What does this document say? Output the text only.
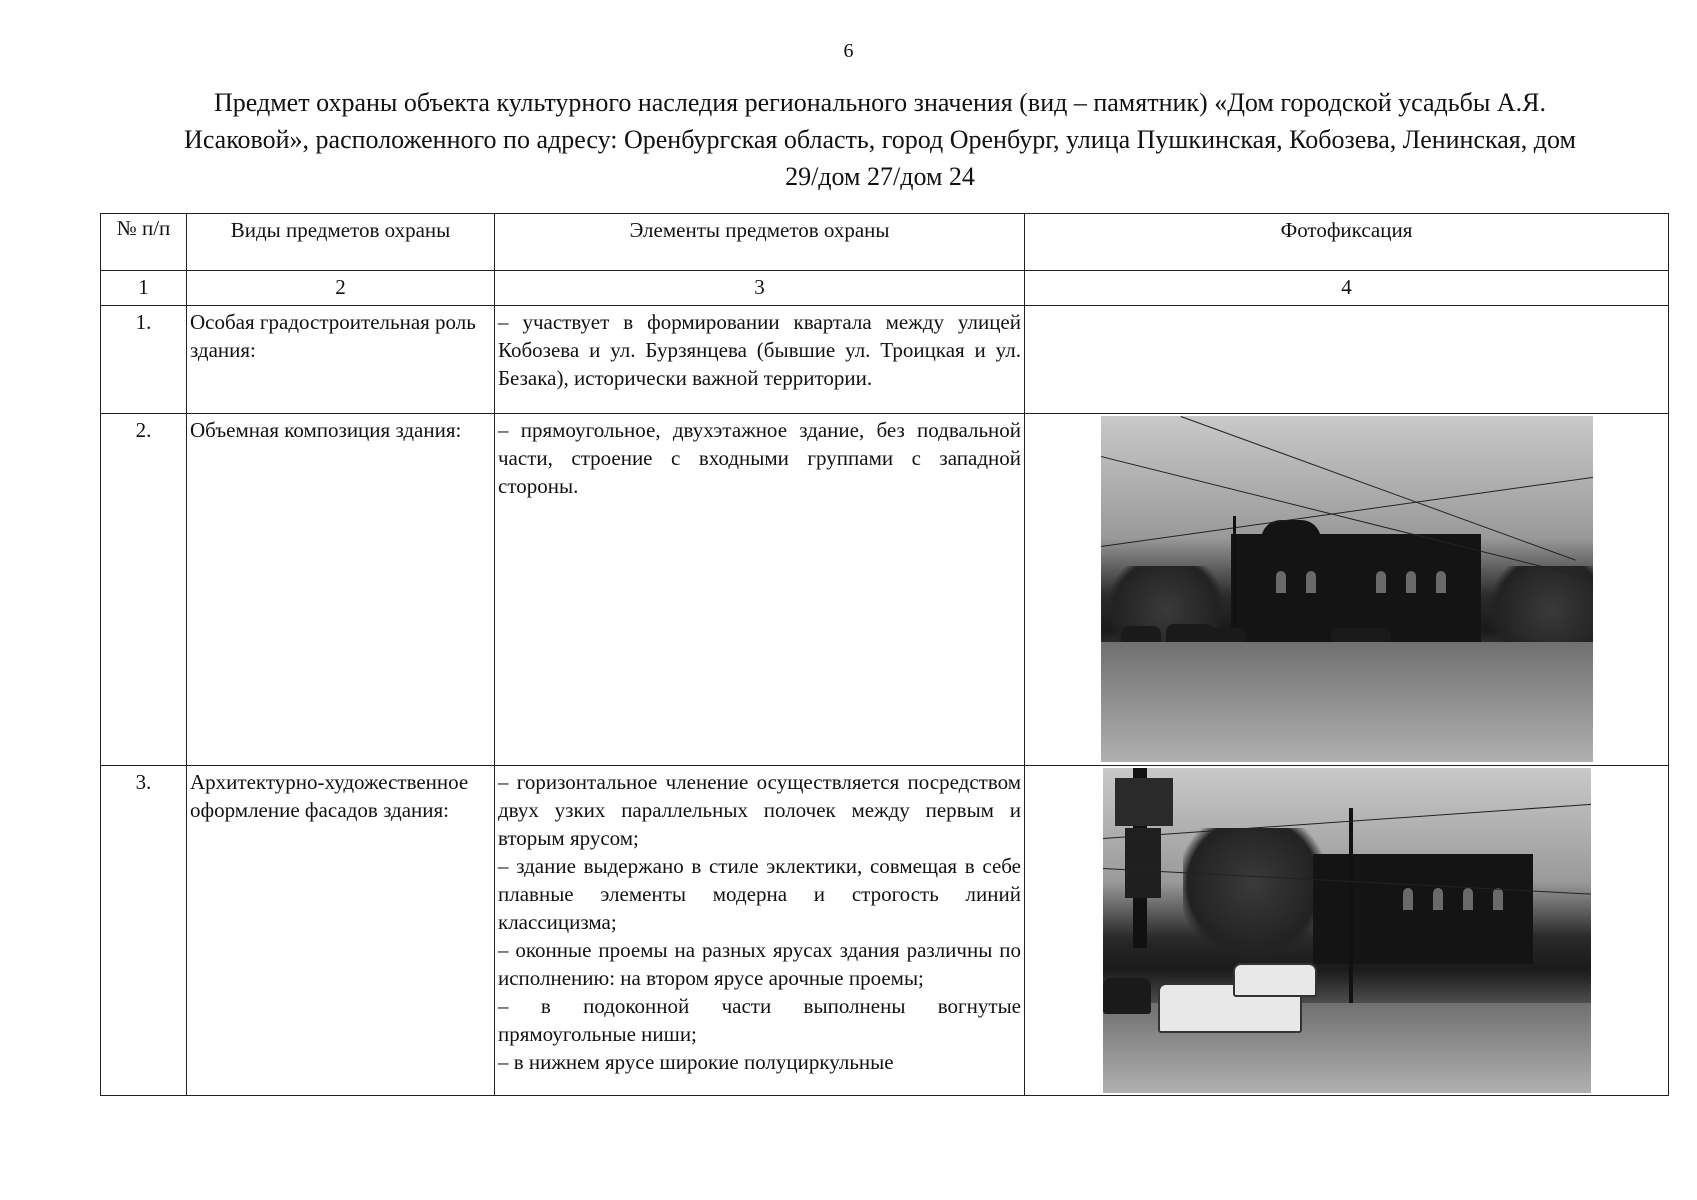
6
Предмет охраны объекта культурного наследия регионального значения (вид – памятник) «Дом городской усадьбы А.Я.
Исаковой», расположенного по адресу: Оренбургская область, город Оренбург, улица Пушкинская, Кобозева, Ленинская, дом
29/дом 27/дом 24
№ п/п	Виды предметов охраны	Элементы предметов охраны	Фотофиксация
1	2	3	4
1.	Особая градостроительная роль здания:	– участвует в формировании квартала между улицей Кобозева и ул. Бурзянцева (бывшие ул. Троицкая и ул. Безака), исторически важной территории.	

2.	Объемная композиция здания:	– прямоугольное, двухэтажное здание, без подвальной части, строение с входными группами с западной стороны.	

3.	Архитектурно-художественное оформление фасадов здания:	– горизонтальное членение осуществляется посредством двух узких параллельных полочек между первым и вторым ярусом;

– здание выдержано в стиле эклектики, совмещая в себе плавные элементы модерна и строгость линий классицизма;

– оконные проемы на разных ярусах здания различны по исполнению: на втором ярусе арочные проемы;

– в подоконной части выполнены вогнутые прямоугольные ниши;

– в нижнем ярусе широкие полуциркульные	
